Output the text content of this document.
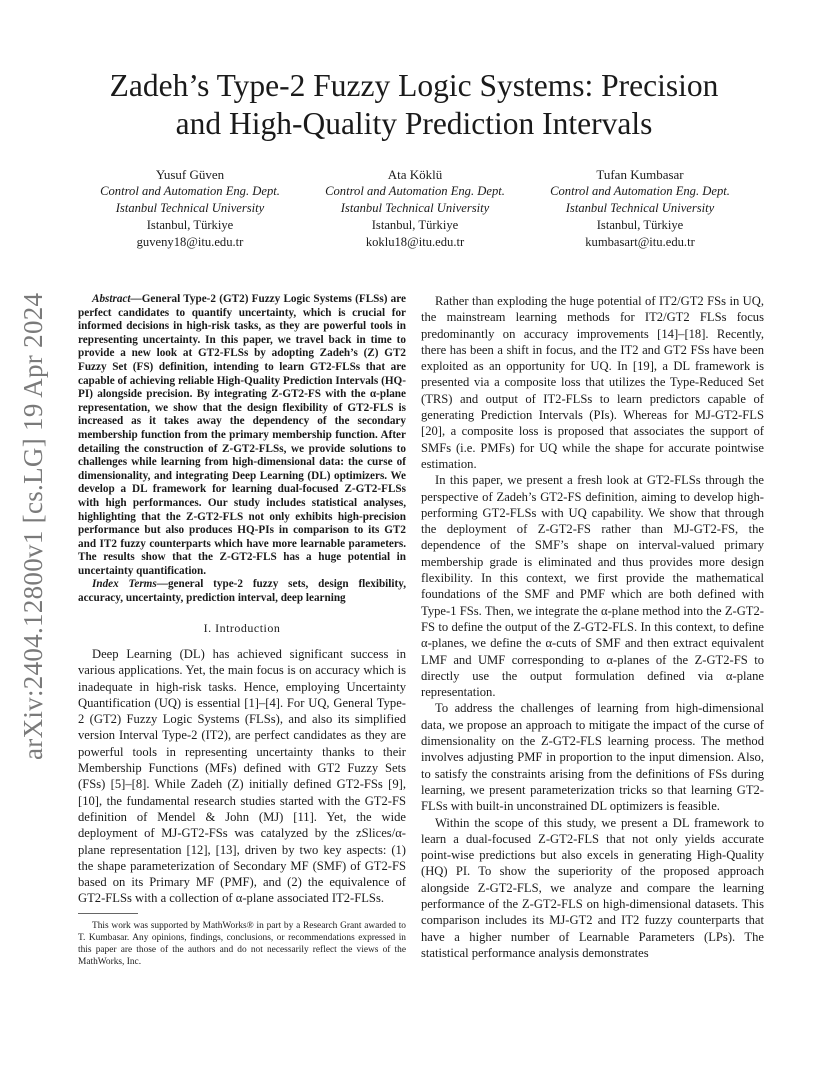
arXiv:2404.12800v1 [cs.LG] 19 Apr 2024
Zadeh’s Type-2 Fuzzy Logic Systems: Precision
and High-Quality Prediction Intervals
Yusuf Güven
Control and Automation Eng. Dept.
Istanbul Technical University
Istanbul, Türkiye
guveny18@itu.edu.tr
Ata Köklü
Control and Automation Eng. Dept.
Istanbul Technical University
Istanbul, Türkiye
koklu18@itu.edu.tr
Tufan Kumbasar
Control and Automation Eng. Dept.
Istanbul Technical University
Istanbul, Türkiye
kumbasart@itu.edu.tr

Abstract—General Type-2 (GT2) Fuzzy Logic Systems (FLSs) are perfect candidates to quantify uncertainty, which is crucial for informed decisions in high-risk tasks, as they are powerful tools in representing uncertainty. In this paper, we travel back in time to provide a new look at GT2-FLSs by adopting Zadeh’s (Z) GT2 Fuzzy Set (FS) definition, intending to learn GT2-FLSs that are capable of achieving reliable High-Quality Prediction Intervals (HQ-PI) alongside precision. By integrating Z-GT2-FS with the α-plane representation, we show that the design flexibility of GT2-FLS is increased as it takes away the dependency of the secondary membership function from the primary membership function. After detailing the construction of Z-GT2-FLSs, we provide solutions to challenges while learning from high-dimensional data: the curse of dimensionality, and integrating Deep Learning (DL) optimizers. We develop a DL framework for learning dual-focused Z-GT2-FLSs with high performances. Our study includes statistical analyses, highlighting that the Z-GT2-FLS not only exhibits high-precision performance but also produces HQ-PIs in comparison to its GT2 and IT2 fuzzy counterparts which have more learnable parameters. The results show that the Z-GT2-FLS has a huge potential in uncertainty quantification.

Index Terms—general type-2 fuzzy sets, design flexibility, accuracy, uncertainty, prediction interval, deep learning

I. Introduction

Deep Learning (DL) has achieved significant success in various applications. Yet, the main focus is on accuracy which is inadequate in high-risk tasks. Hence, employing Uncertainty Quantification (UQ) is essential [1]–[4]. For UQ, General Type-2 (GT2) Fuzzy Logic Systems (FLSs), and also its simplified version Interval Type-2 (IT2), are perfect candidates as they are powerful tools in representing uncertainty thanks to their Membership Functions (MFs) defined with GT2 Fuzzy Sets (FSs) [5]–[8]. While Zadeh (Z) initially defined GT2-FSs [9], [10], the fundamental research studies started with the GT2-FS definition of Mendel & John (MJ) [11]. Yet, the wide deployment of MJ-GT2-FSs was catalyzed by the zSlices/α-plane representation [12], [13], driven by two key aspects: (1) the shape parameterization of Secondary MF (SMF) of GT2-FS based on its Primary MF (PMF), and (2) the equivalence of GT2-FLSs with a collection of α-plane associated IT2-FLSs.

This work was supported by MathWorks® in part by a Research Grant awarded to T. Kumbasar. Any opinions, findings, conclusions, or recommendations expressed in this paper are those of the authors and do not necessarily reflect the views of the MathWorks, Inc.

Rather than exploding the huge potential of IT2/GT2 FSs in UQ, the mainstream learning methods for IT2/GT2 FLSs focus predominantly on accuracy improvements [14]–[18]. Recently, there has been a shift in focus, and the IT2 and GT2 FSs have been exploited as an opportunity for UQ. In [19], a DL framework is presented via a composite loss that utilizes the Type-Reduced Set (TRS) and output of IT2-FLSs to learn predictors capable of generating Prediction Intervals (PIs). Whereas for MJ-GT2-FLS [20], a composite loss is proposed that associates the support of SMFs (i.e. PMFs) for UQ while the shape for accurate pointwise estimation.

In this paper, we present a fresh look at GT2-FLSs through the perspective of Zadeh’s GT2-FS definition, aiming to develop high-performing GT2-FLSs with UQ capability. We show that through the deployment of Z-GT2-FS rather than MJ-GT2-FS, the dependence of the SMF’s shape on interval-valued primary membership grade is eliminated and thus provides more design flexibility. In this context, we first provide the mathematical foundations of the SMF and PMF which are both defined with Type-1 FSs. Then, we integrate the α-plane method into the Z-GT2-FS to define the output of the Z-GT2-FLS. In this context, to define α-planes, we define the α-cuts of SMF and then extract equivalent LMF and UMF corresponding to α-planes of the Z-GT2-FS to directly use the output formulation defined via α-plane representation.

To address the challenges of learning from high-dimensional data, we propose an approach to mitigate the impact of the curse of dimensionality on the Z-GT2-FLS learning process. The method involves adjusting PMF in proportion to the input dimension. Also, to satisfy the constraints arising from the definitions of FSs during learning, we present parameterization tricks so that learning GT2-FLSs with built-in unconstrained DL optimizers is feasible.

Within the scope of this study, we present a DL framework to learn a dual-focused Z-GT2-FLS that not only yields accurate point-wise predictions but also excels in generating High-Quality (HQ) PI. To show the superiority of the proposed approach alongside Z-GT2-FLS, we analyze and compare the learning performance of the Z-GT2-FLS on high-dimensional datasets. This comparison includes its MJ-GT2 and IT2 fuzzy counterparts that have a higher number of Learnable Parameters (LPs). The statistical performance analysis demonstrates
